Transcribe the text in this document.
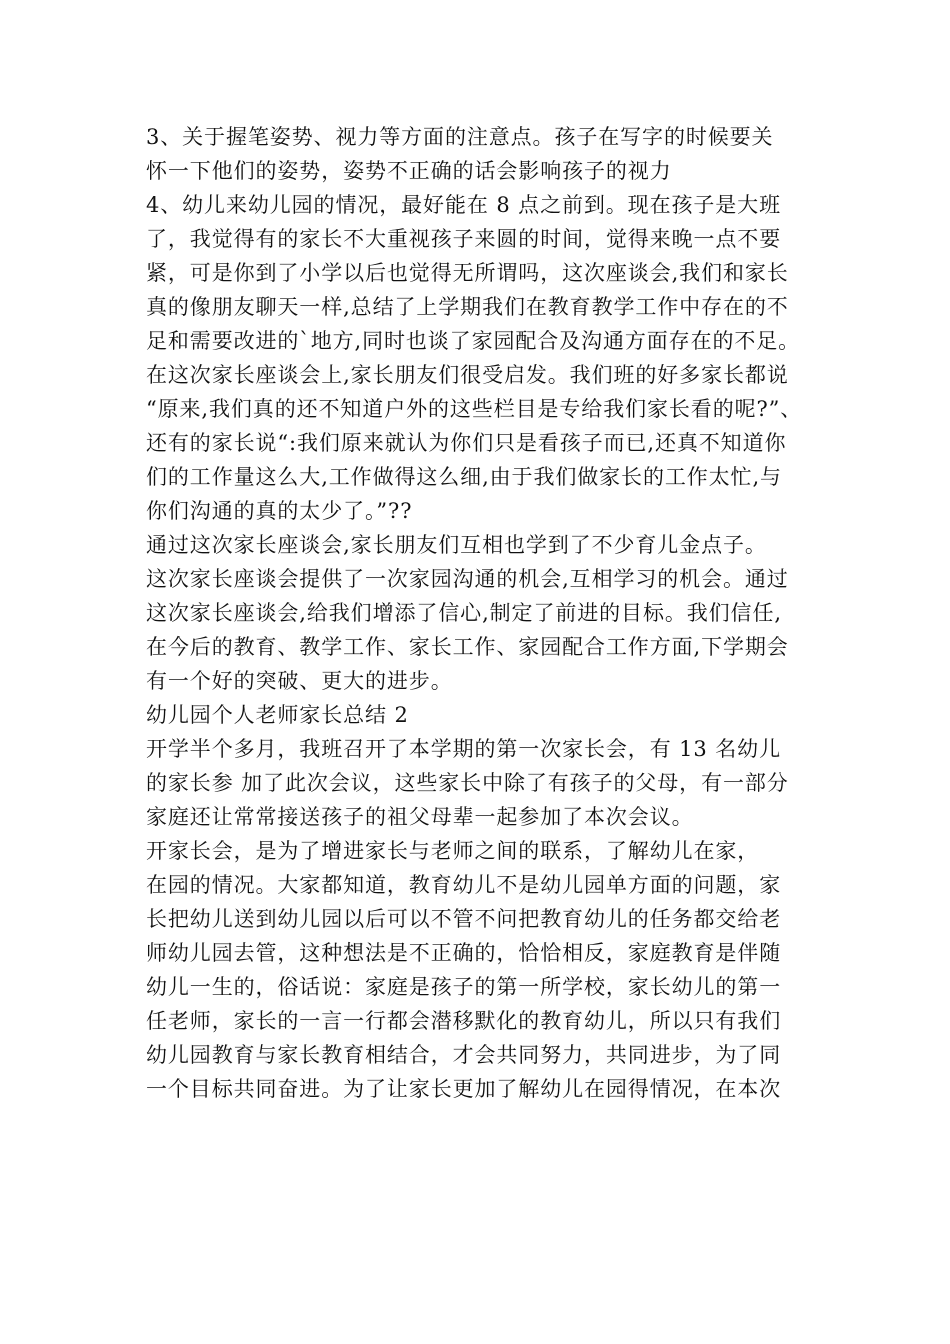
3、关于握笔姿势、视力等方面的注意点。孩子在写字的时候要关
怀一下他们的姿势，姿势不正确的话会影响孩子的视力
4、幼儿来幼儿园的情况，最好能在 8 点之前到。现在孩子是大班
了，我觉得有的家长不大重视孩子来圆的时间，觉得来晚一点不要
紧，可是你到了小学以后也觉得无所谓吗，这次座谈会,我们和家长
真的像朋友聊天一样,总结了上学期我们在教育教学工作中存在的不
足和需要改进的`地方,同时也谈了家园配合及沟通方面存在的不足。
在这次家长座谈会上,家长朋友们很受启发。我们班的好多家长都说
“原来,我们真的还不知道户外的这些栏目是专给我们家长看的呢?”、
还有的家长说“:我们原来就认为你们只是看孩子而已,还真不知道你
们的工作量这么大,工作做得这么细,由于我们做家长的工作太忙,与
你们沟通的真的太少了。”??
通过这次家长座谈会,家长朋友们互相也学到了不少育儿金点子。
这次家长座谈会提供了一次家园沟通的机会,互相学习的机会。通过
这次家长座谈会,给我们增添了信心,制定了前进的目标。我们信任,
在今后的教育、教学工作、家长工作、家园配合工作方面,下学期会
有一个好的突破、更大的进步。
幼儿园个人老师家长总结 2
开学半个多月，我班召开了本学期的第一次家长会，有 13 名幼儿
的家长参 加了此次会议，这些家长中除了有孩子的父母，有一部分
家庭还让常常接送孩子的祖父母辈一起参加了本次会议。
开家长会，是为了增进家长与老师之间的联系，了解幼儿在家，
在园的情况。大家都知道，教育幼儿不是幼儿园单方面的问题，家
长把幼儿送到幼儿园以后可以不管不问把教育幼儿的任务都交给老
师幼儿园去管，这种想法是不正确的，恰恰相反，家庭教育是伴随
幼儿一生的，俗话说：家庭是孩子的第一所学校，家长幼儿的第一
任老师，家长的一言一行都会潜移默化的教育幼儿，所以只有我们
幼儿园教育与家长教育相结合，才会共同努力，共同进步，为了同
一个目标共同奋进。为了让家长更加了解幼儿在园得情况，在本次
